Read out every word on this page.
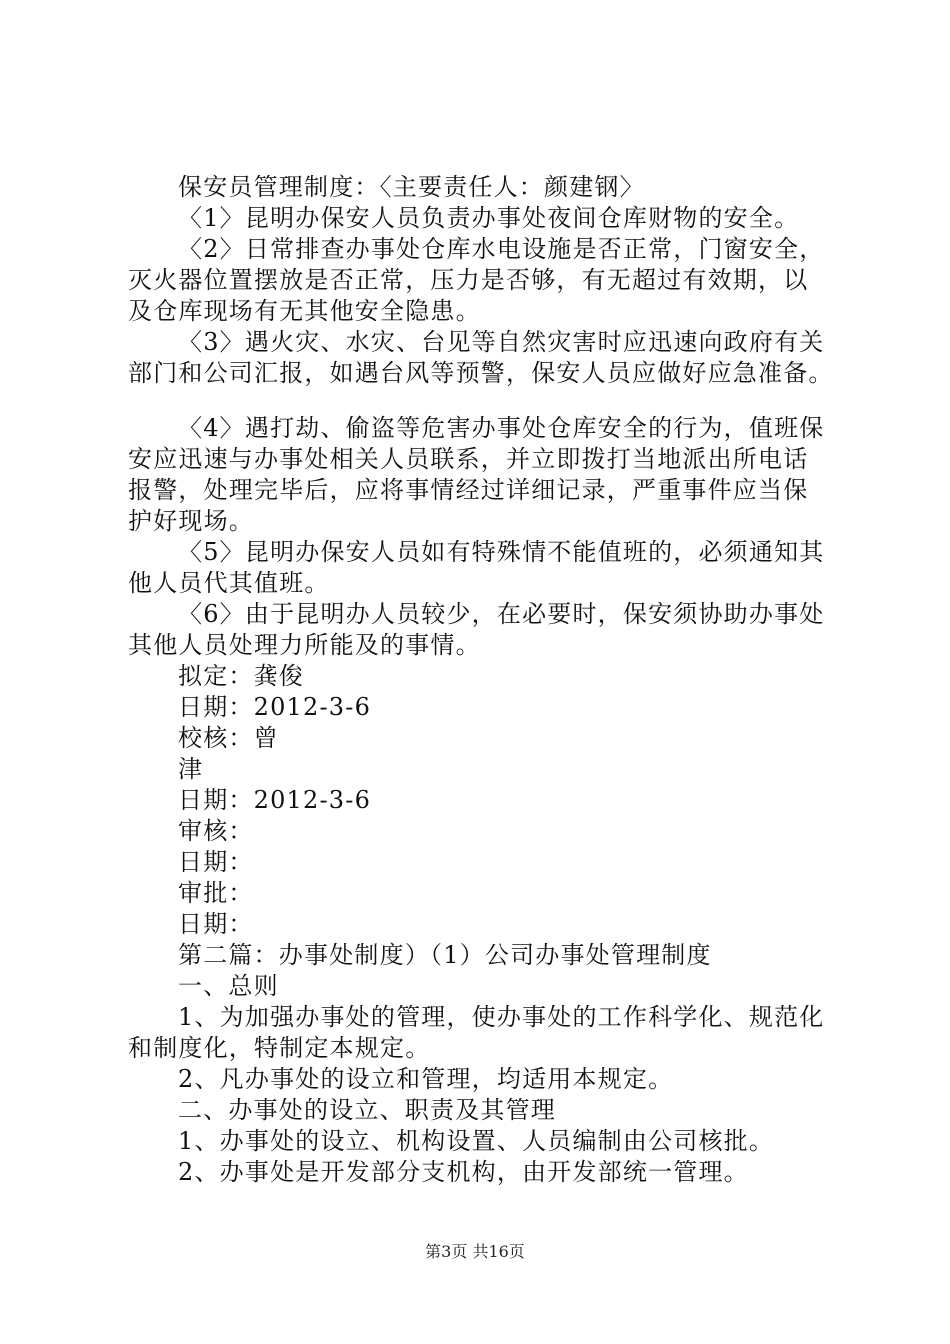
保安员管理制度：〈主要责任人：颜建钢〉
〈1〉昆明办保安人员负责办事处夜间仓库财物的安全。
〈2〉日常排查办事处仓库水电设施是否正常，门窗安全，
灭火器位置摆放是否正常，压力是否够，有无超过有效期，以
及仓库现场有无其他安全隐患。
〈3〉遇火灾、水灾、台见等自然灾害时应迅速向政府有关
部门和公司汇报，如遇台风等预警，保安人员应做好应急准备。
〈4〉遇打劫、偷盗等危害办事处仓库安全的行为，值班保
安应迅速与办事处相关人员联系，并立即拨打当地派出所电话
报警，处理完毕后，应将事情经过详细记录，严重事件应当保
护好现场。
〈5〉昆明办保安人员如有特殊情不能值班的，必须通知其
他人员代其值班。
〈6〉由于昆明办人员较少，在必要时，保安须协助办事处
其他人员处理力所能及的事情。
拟定：龚俊
日期：2012-3-6
校核：曾
津
日期：2012-3-6
审核：
日期：
审批：
日期：
第二篇：办事处制度）（1）公司办事处管理制度
一、总则
1、为加强办事处的管理，使办事处的工作科学化、规范化
和制度化，特制定本规定。
2、凡办事处的设立和管理，均适用本规定。
二、办事处的设立、职责及其管理
1、办事处的设立、机构设置、人员编制由公司核批。
2、办事处是开发部分支机构，由开发部统一管理。
第3页 共16页
